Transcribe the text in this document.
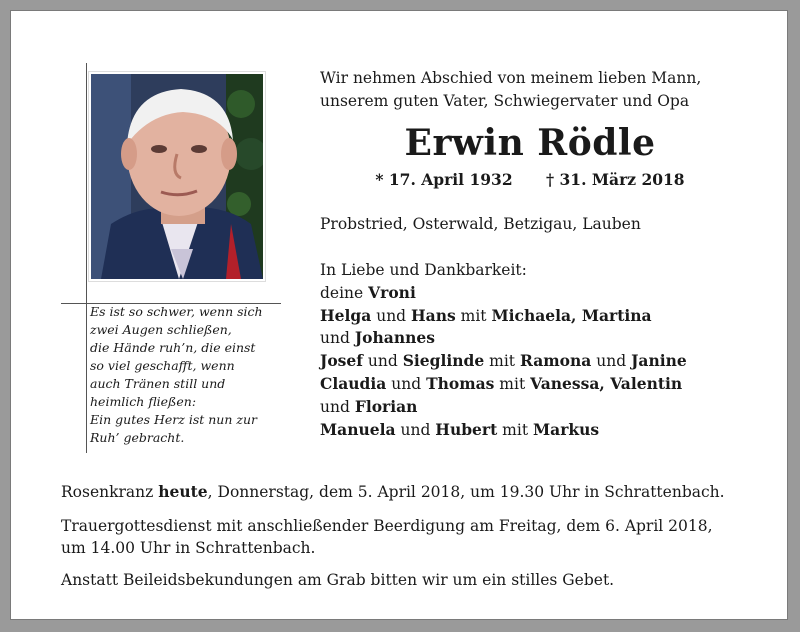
Es ist so schwer, wenn sich
zwei Augen schließen,
die Hände ruh’n, die einst
so viel geschafft, wenn
auch Tränen still und
heimlich fließen:
Ein gutes Herz ist nun zur
Ruh’ gebracht.
Wir nehmen Abschied von meinem lieben Mann,
unserem guten Vater, Schwiegervater und Opa
Erwin Rödle
* 17. April 1932 † 31. März 2018
Probstried, Osterwald, Betzigau, Lauben
In Liebe und Dankbarkeit:
deine Vroni
Helga und Hans mit Michaela, Martina
und Johannes
Josef und Sieglinde mit Ramona und Janine
Claudia und Thomas mit Vanessa, Valentin
und Florian
Manuela und Hubert mit Markus
Rosenkranz heute, Donnerstag, dem 5. April 2018, um 19.30 Uhr in Schrattenbach.
Trauergottesdienst mit anschließender Beerdigung am Freitag, dem 6. April 2018,
um 14.00 Uhr in Schrattenbach.
Anstatt Beileidsbekundungen am Grab bitten wir um ein stilles Gebet.
